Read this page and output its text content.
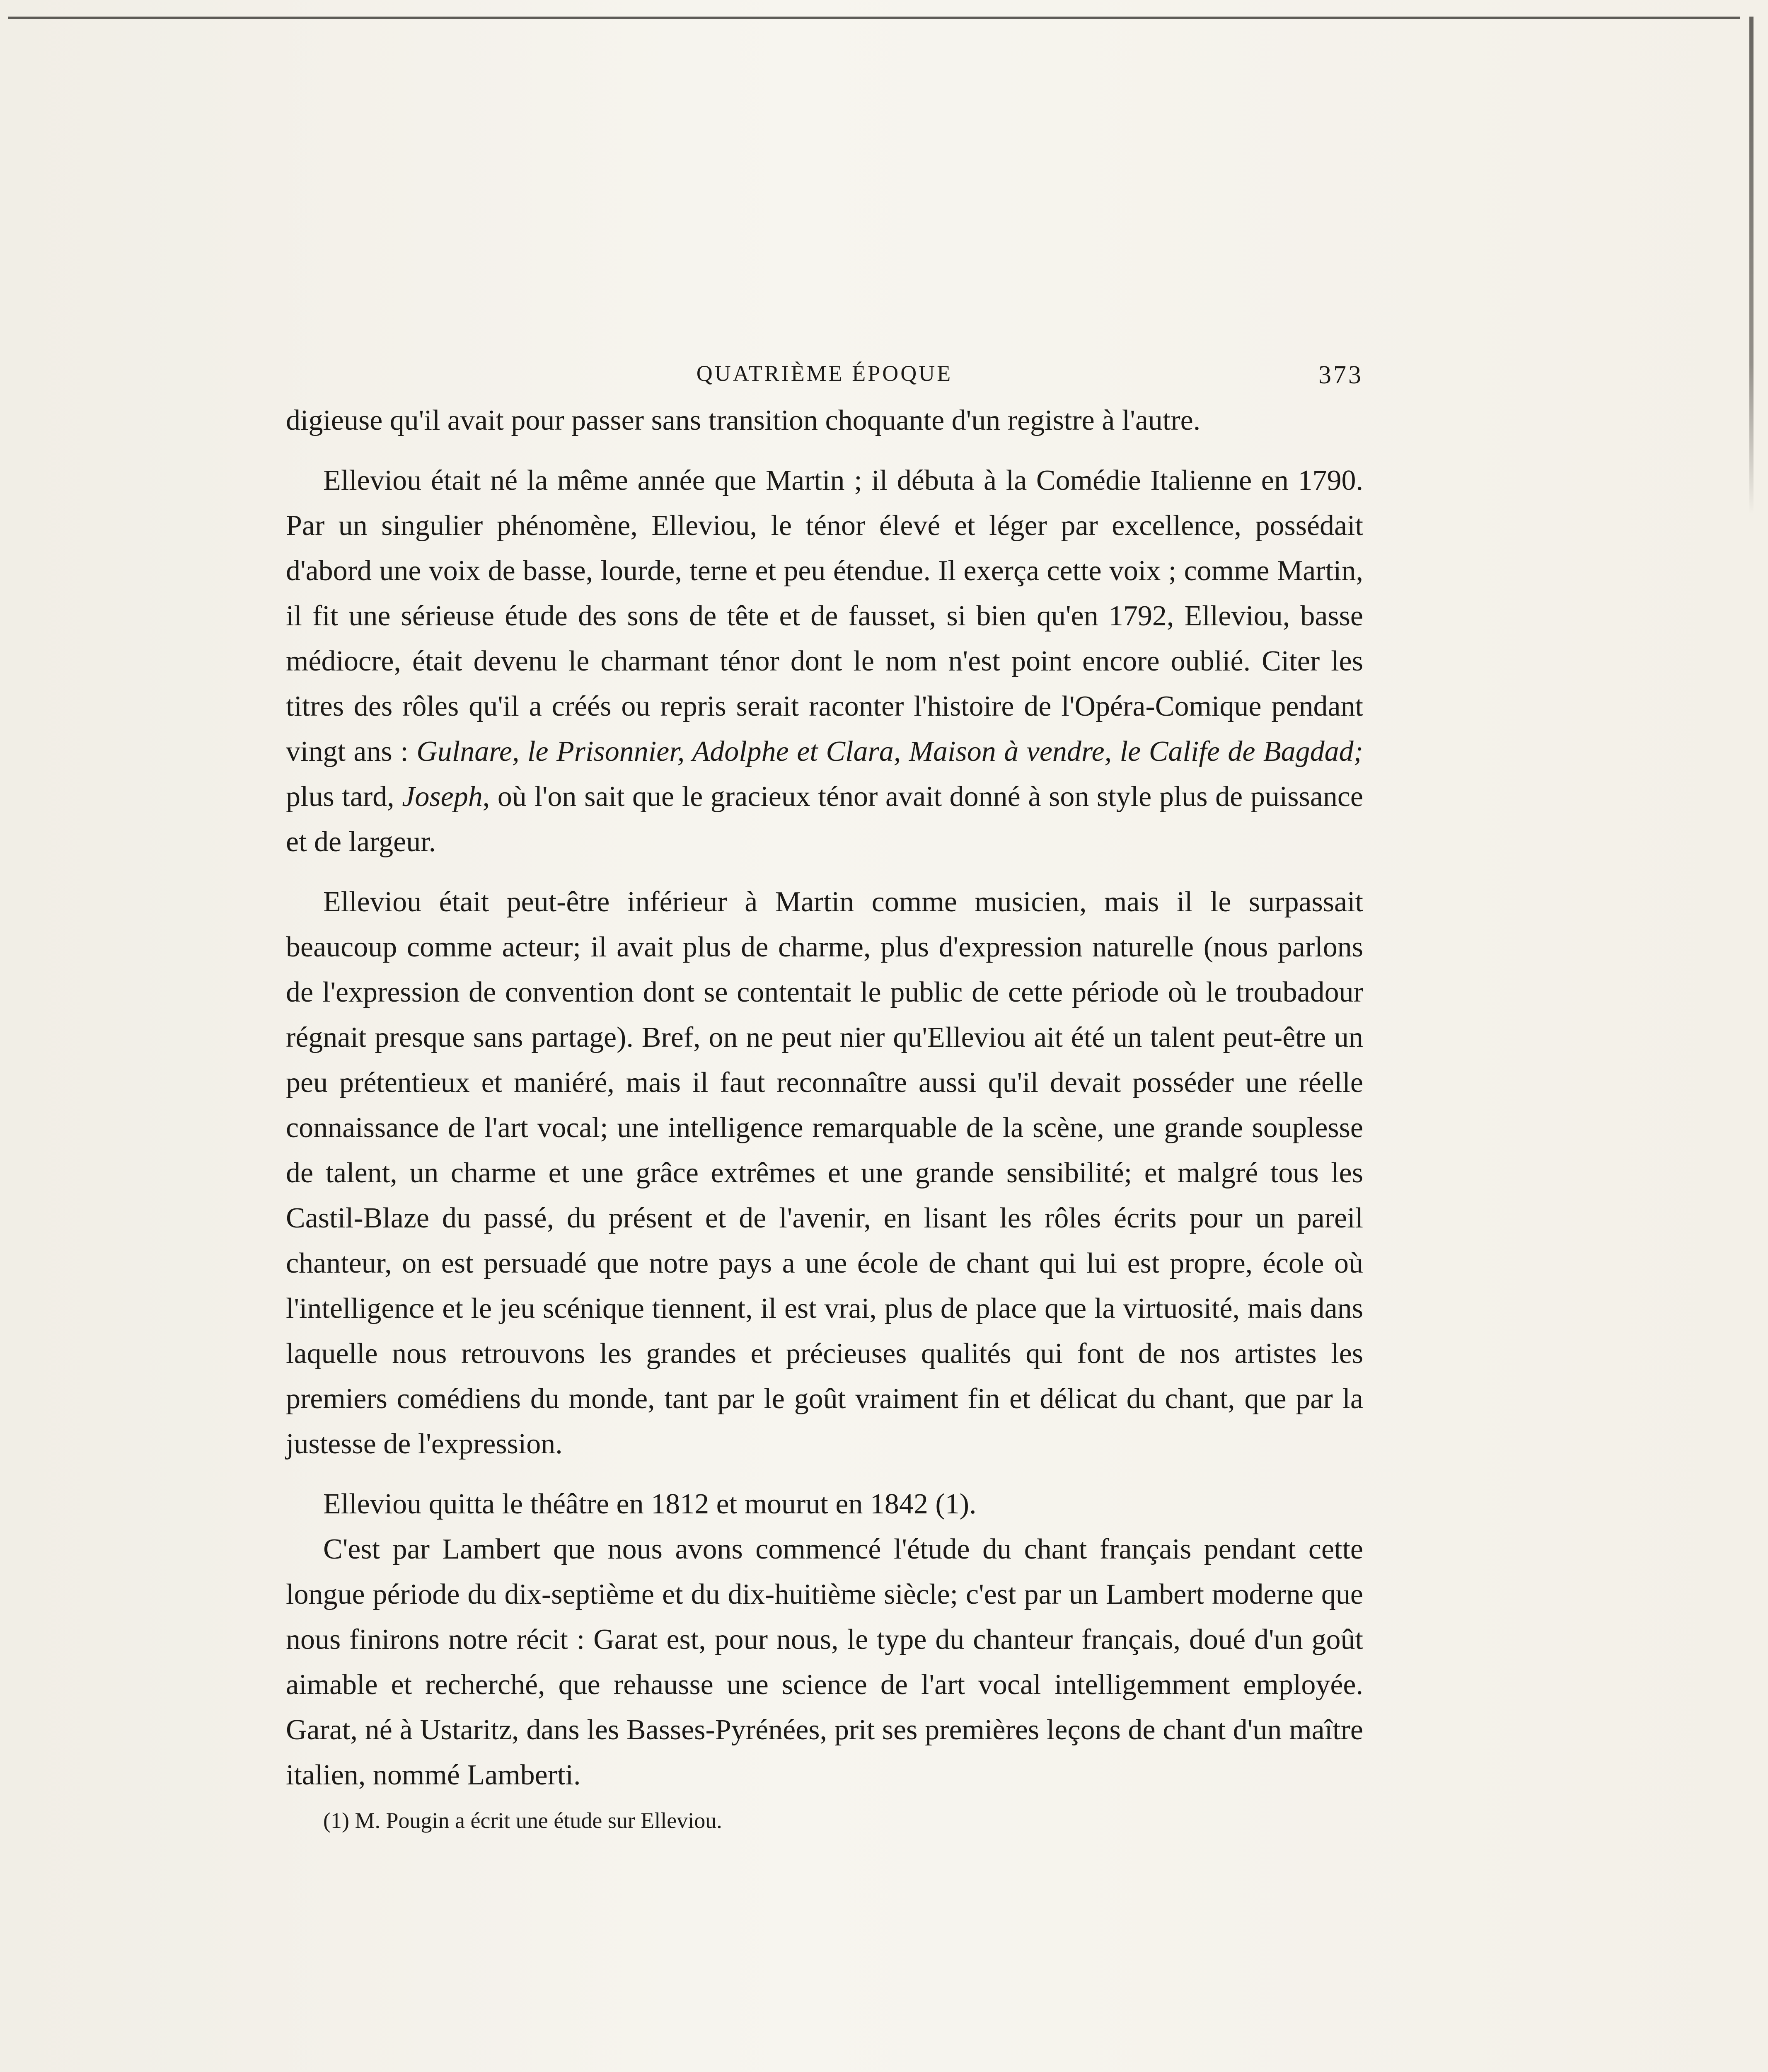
QUATRIÈME ÉPOQUE	373

digieuse qu'il avait pour passer sans transition choquante d'un registre à l'autre.

Elleviou était né la même année que Martin ; il débuta à la Comédie Italienne en 1790. Par un singulier phénomène, Elleviou, le ténor élevé et léger par excellence, possédait d'abord une voix de basse, lourde, terne et peu étendue. Il exerça cette voix ; comme Martin, il fit une sérieuse étude des sons de tête et de fausset, si bien qu'en 1792, Elleviou, basse médiocre, était devenu le charmant ténor dont le nom n'est point encore oublié. Citer les titres des rôles qu'il a créés ou repris serait raconter l'histoire de l'Opéra-Comique pendant vingt ans : Gulnare, le Prisonnier, Adolphe et Clara, Maison à vendre, le Calife de Bagdad; plus tard, Joseph, où l'on sait que le gracieux ténor avait donné à son style plus de puissance et de largeur.

Elleviou était peut-être inférieur à Martin comme musicien, mais il le surpassait beaucoup comme acteur; il avait plus de charme, plus d'expression naturelle (nous parlons de l'expression de convention dont se contentait le public de cette période où le troubadour régnait presque sans partage). Bref, on ne peut nier qu'Elleviou ait été un talent peut-être un peu prétentieux et maniéré, mais il faut reconnaître aussi qu'il devait posséder une réelle connaissance de l'art vocal; une intelligence remarquable de la scène, une grande souplesse de talent, un charme et une grâce extrêmes et une grande sensibilité; et malgré tous les Castil-Blaze du passé, du présent et de l'avenir, en lisant les rôles écrits pour un pareil chanteur, on est persuadé que notre pays a une école de chant qui lui est propre, école où l'intelligence et le jeu scénique tiennent, il est vrai, plus de place que la virtuosité, mais dans laquelle nous retrouvons les grandes et précieuses qualités qui font de nos artistes les premiers comédiens du monde, tant par le goût vraiment fin et délicat du chant, que par la justesse de l'expression.

Elleviou quitta le théâtre en 1812 et mourut en 1842 (1).

C'est par Lambert que nous avons commencé l'étude du chant français pendant cette longue période du dix-septième et du dix-huitième siècle; c'est par un Lambert moderne que nous finirons notre récit : Garat est, pour nous, le type du chanteur français, doué d'un goût aimable et recherché, que rehausse une science de l'art vocal intelligemment employée. Garat, né à Ustaritz, dans les Basses-Pyrénées, prit ses premières leçons de chant d'un maître italien, nommé Lamberti.

(1) M. Pougin a écrit une étude sur Elleviou.
